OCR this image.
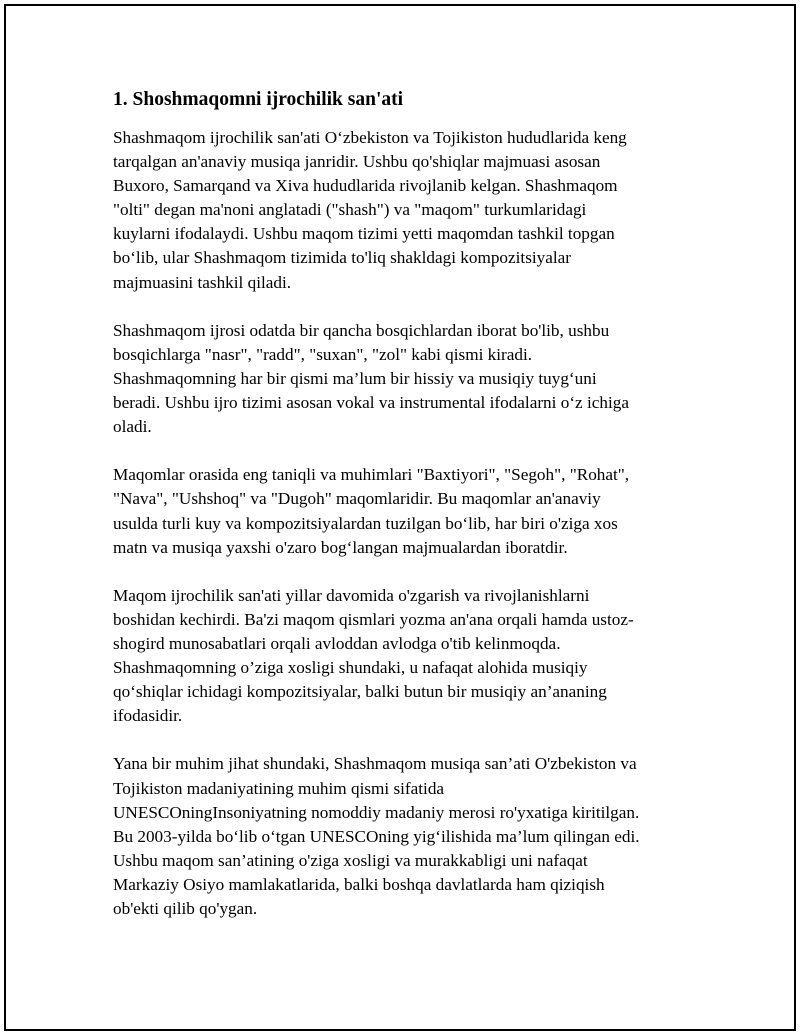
1. Shoshmaqomni ijrochilik san'ati
Shashmaqom ijrochilik san'ati O‘zbekiston va Tojikiston hududlarida keng
tarqalgan an'anaviy musiqa janridir. Ushbu qo'shiqlar majmuasi asosan
Buxoro, Samarqand va Xiva hududlarida rivojlanib kelgan. Shashmaqom
"olti" degan ma'noni anglatadi ("shash") va "maqom" turkumlaridagi
kuylarni ifodalaydi. Ushbu maqom tizimi yetti maqomdan tashkil topgan
bo‘lib, ular Shashmaqom tizimida to'liq shakldagi kompozitsiyalar
majmuasini tashkil qiladi.
Shashmaqom ijrosi odatda bir qancha bosqichlardan iborat bo'lib, ushbu
bosqichlarga "nasr", "radd", "suxan", "zol" kabi qismi kiradi.
Shashmaqomning har bir qismi ma’lum bir hissiy va musiqiy tuyg‘uni
beradi. Ushbu ijro tizimi asosan vokal va instrumental ifodalarni o‘z ichiga
oladi.
Maqomlar orasida eng taniqli va muhimlari "Baxtiyori", "Segoh", "Rohat",
"Nava", "Ushshoq" va "Dugoh" maqomlaridir. Bu maqomlar an'anaviy
usulda turli kuy va kompozitsiyalardan tuzilgan bo‘lib, har biri o'ziga xos
matn va musiqa yaxshi o'zaro bog‘langan majmualardan iboratdir.
Maqom ijrochilik san'ati yillar davomida o'zgarish va rivojlanishlarni
boshidan kechirdi. Ba'zi maqom qismlari yozma an'ana orqali hamda ustoz-
shogird munosabatlari orqali avloddan avlodga o'tib kelinmoqda.
Shashmaqomning o’ziga xosligi shundaki, u nafaqat alohida musiqiy
qo‘shiqlar ichidagi kompozitsiyalar, balki butun bir musiqiy an’ananing
ifodasidir.
Yana bir muhim jihat shundaki, Shashmaqom musiqa san’ati O'zbekiston va
Tojikiston madaniyatining muhim qismi sifatida
UNESCOningInsoniyatning nomoddiy madaniy merosi ro'yxatiga kiritilgan.
Bu 2003-yilda bo‘lib o‘tgan UNESCOning yig‘ilishida ma’lum qilingan edi.
Ushbu maqom san’atining o'ziga xosligi va murakkabligi uni nafaqat
Markaziy Osiyo mamlakatlarida, balki boshqa davlatlarda ham qiziqish
ob'ekti qilib qo'ygan.
